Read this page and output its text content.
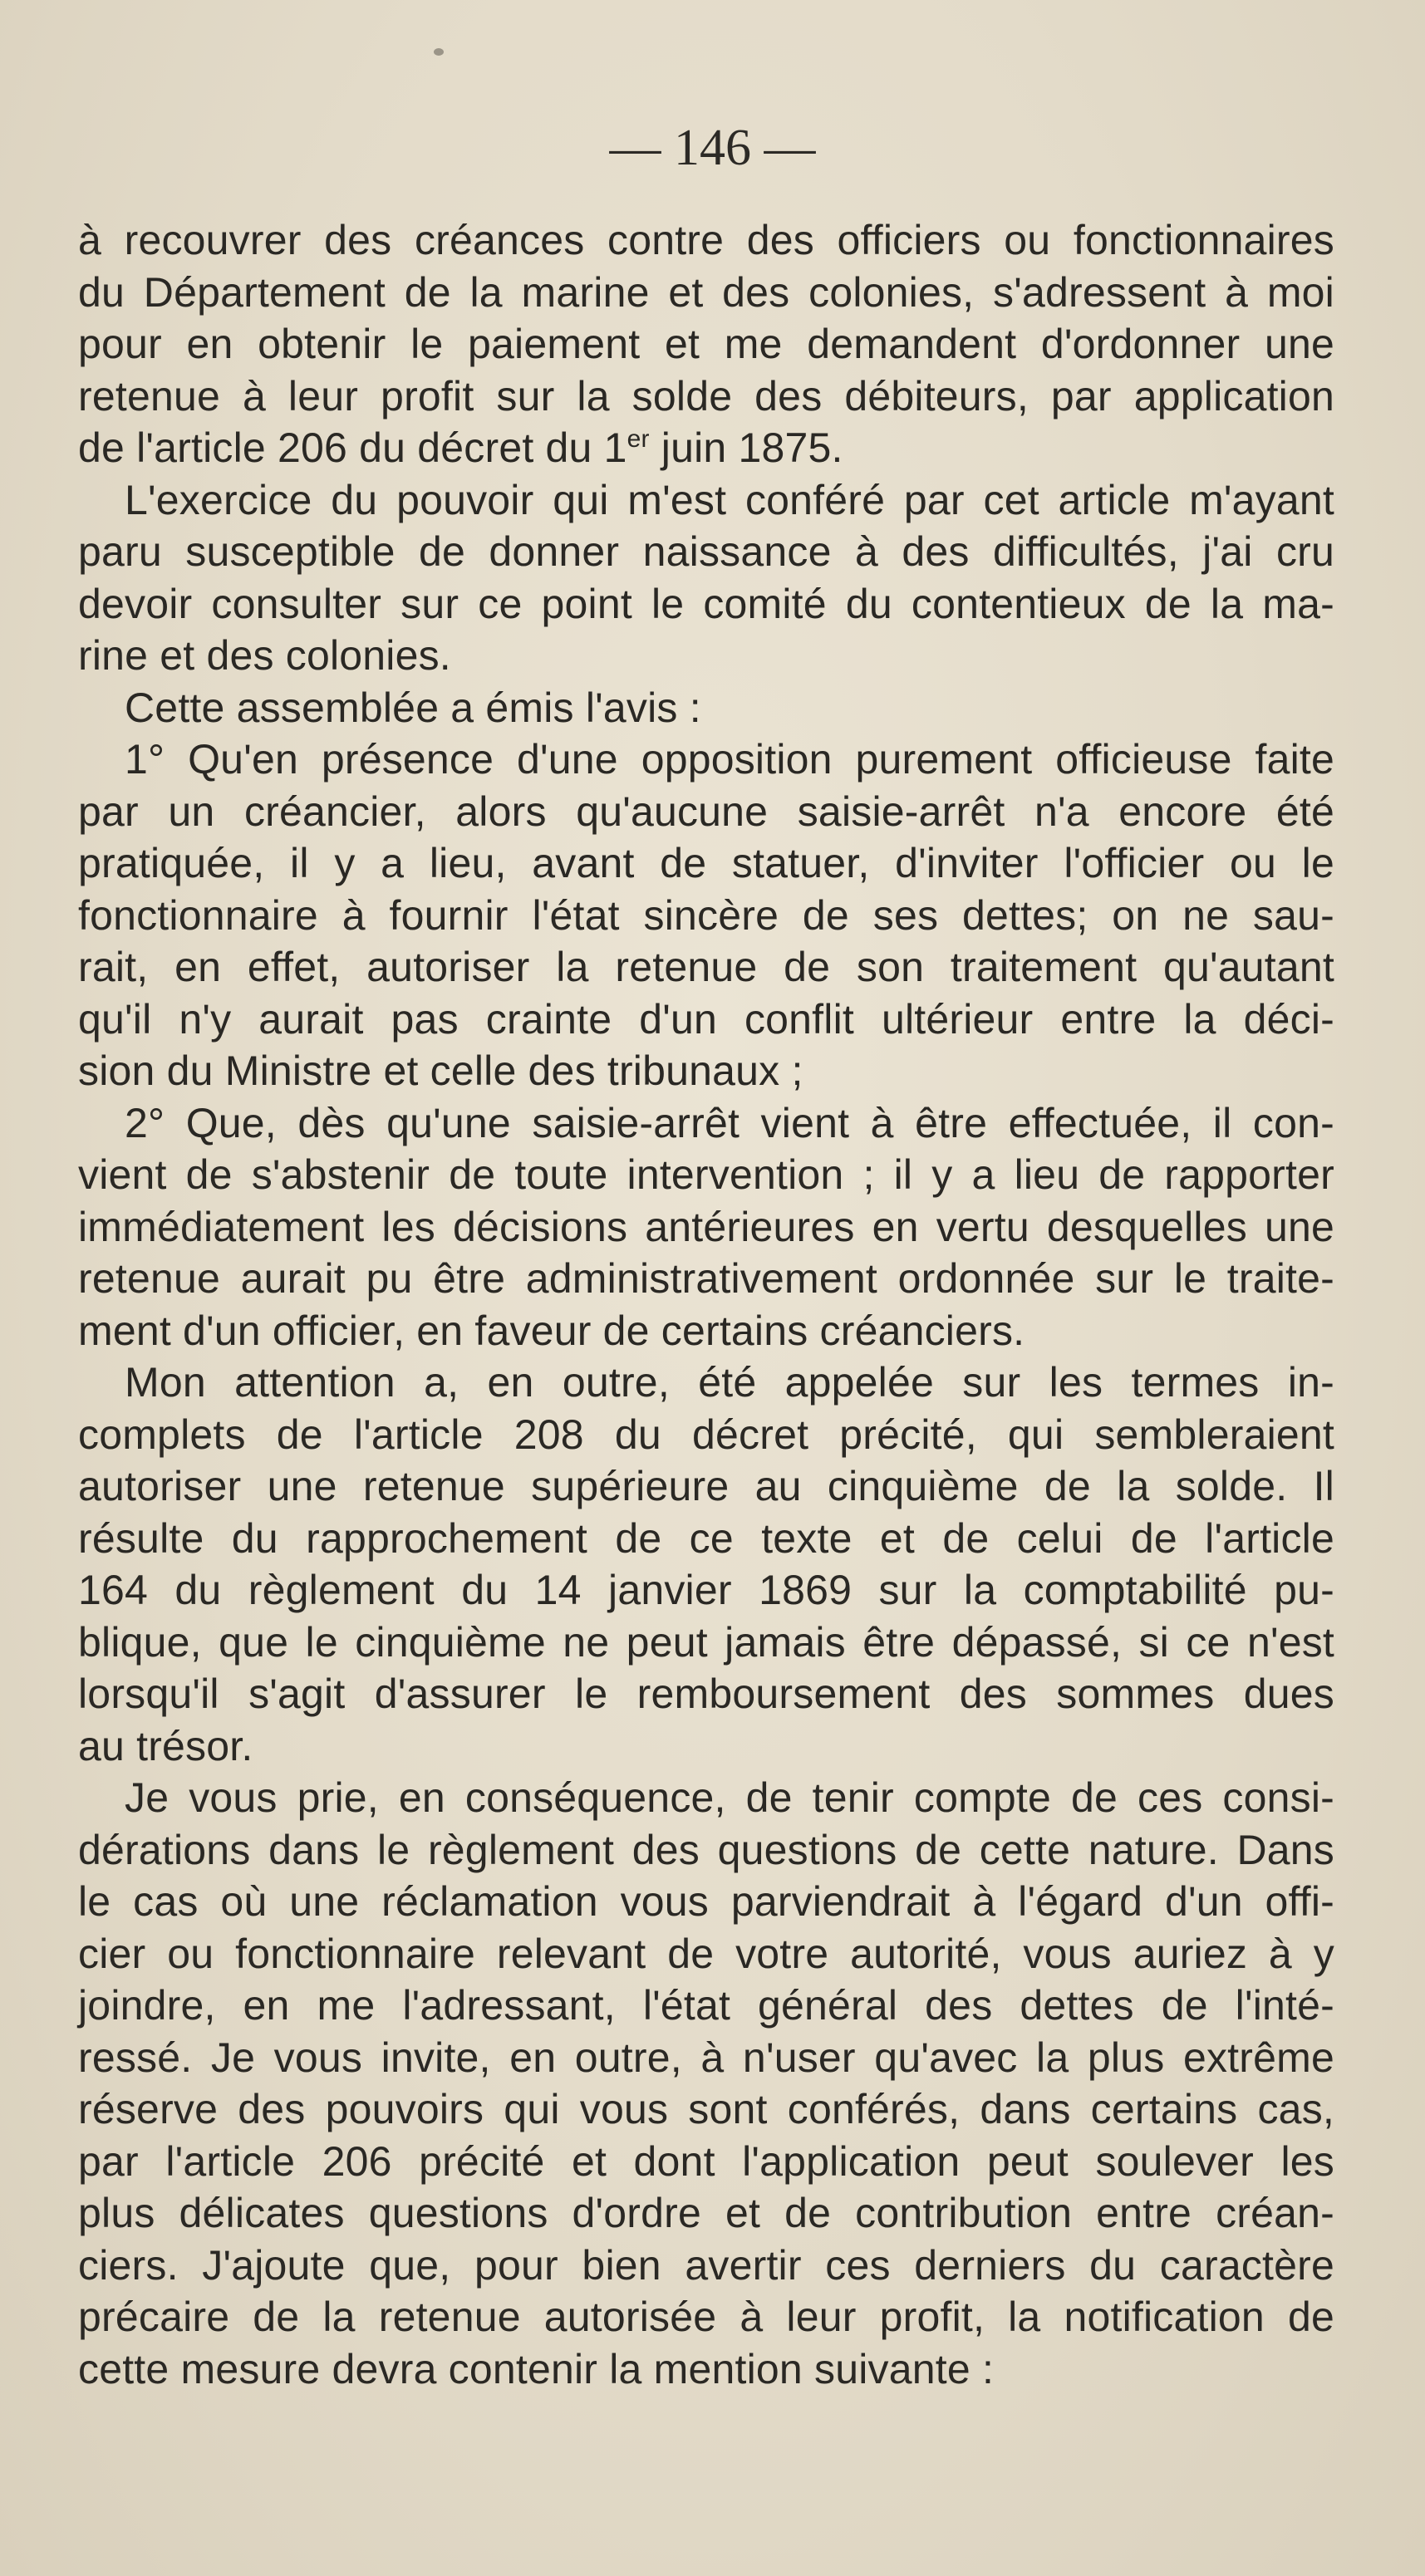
— 146 —
à recouvrer des créances contre des officiers ou fonctionnaires
du Département de la marine et des colonies, s'adressent à moi
pour en obtenir le paiement et me demandent d'ordonner une
retenue à leur profit sur la solde des débiteurs, par application
de l'article 206 du décret du 1er juin 1875.
L'exercice du pouvoir qui m'est conféré par cet article m'ayant
paru susceptible de donner naissance à des difficultés, j'ai cru
devoir consulter sur ce point le comité du contentieux de la ma-
rine et des colonies.
Cette assemblée a émis l'avis :
1° Qu'en présence d'une opposition purement officieuse faite
par un créancier, alors qu'aucune saisie-arrêt n'a encore été
pratiquée, il y a lieu, avant de statuer, d'inviter l'officier ou le
fonctionnaire à fournir l'état sincère de ses dettes; on ne sau-
rait, en effet, autoriser la retenue de son traitement qu'autant
qu'il n'y aurait pas crainte d'un conflit ultérieur entre la déci-
sion du Ministre et celle des tribunaux ;
2° Que, dès qu'une saisie-arrêt vient à être effectuée, il con-
vient de s'abstenir de toute intervention ; il y a lieu de rapporter
immédiatement les décisions antérieures en vertu desquelles une
retenue aurait pu être administrativement ordonnée sur le traite-
ment d'un officier, en faveur de certains créanciers.
Mon attention a, en outre, été appelée sur les termes in-
complets de l'article 208 du décret précité, qui sembleraient
autoriser une retenue supérieure au cinquième de la solde. Il
résulte du rapprochement de ce texte et de celui de l'article
164 du règlement du 14 janvier 1869 sur la comptabilité pu-
blique, que le cinquième ne peut jamais être dépassé, si ce n'est
lorsqu'il s'agit d'assurer le remboursement des sommes dues
au trésor.
Je vous prie, en conséquence, de tenir compte de ces consi-
dérations dans le règlement des questions de cette nature. Dans
le cas où une réclamation vous parviendrait à l'égard d'un offi-
cier ou fonctionnaire relevant de votre autorité, vous auriez à y
joindre, en me l'adressant, l'état général des dettes de l'inté-
ressé. Je vous invite, en outre, à n'user qu'avec la plus extrême
réserve des pouvoirs qui vous sont conférés, dans certains cas,
par l'article 206 précité et dont l'application peut soulever les
plus délicates questions d'ordre et de contribution entre créan-
ciers. J'ajoute que, pour bien avertir ces derniers du caractère
précaire de la retenue autorisée à leur profit, la notification de
cette mesure devra contenir la mention suivante :
